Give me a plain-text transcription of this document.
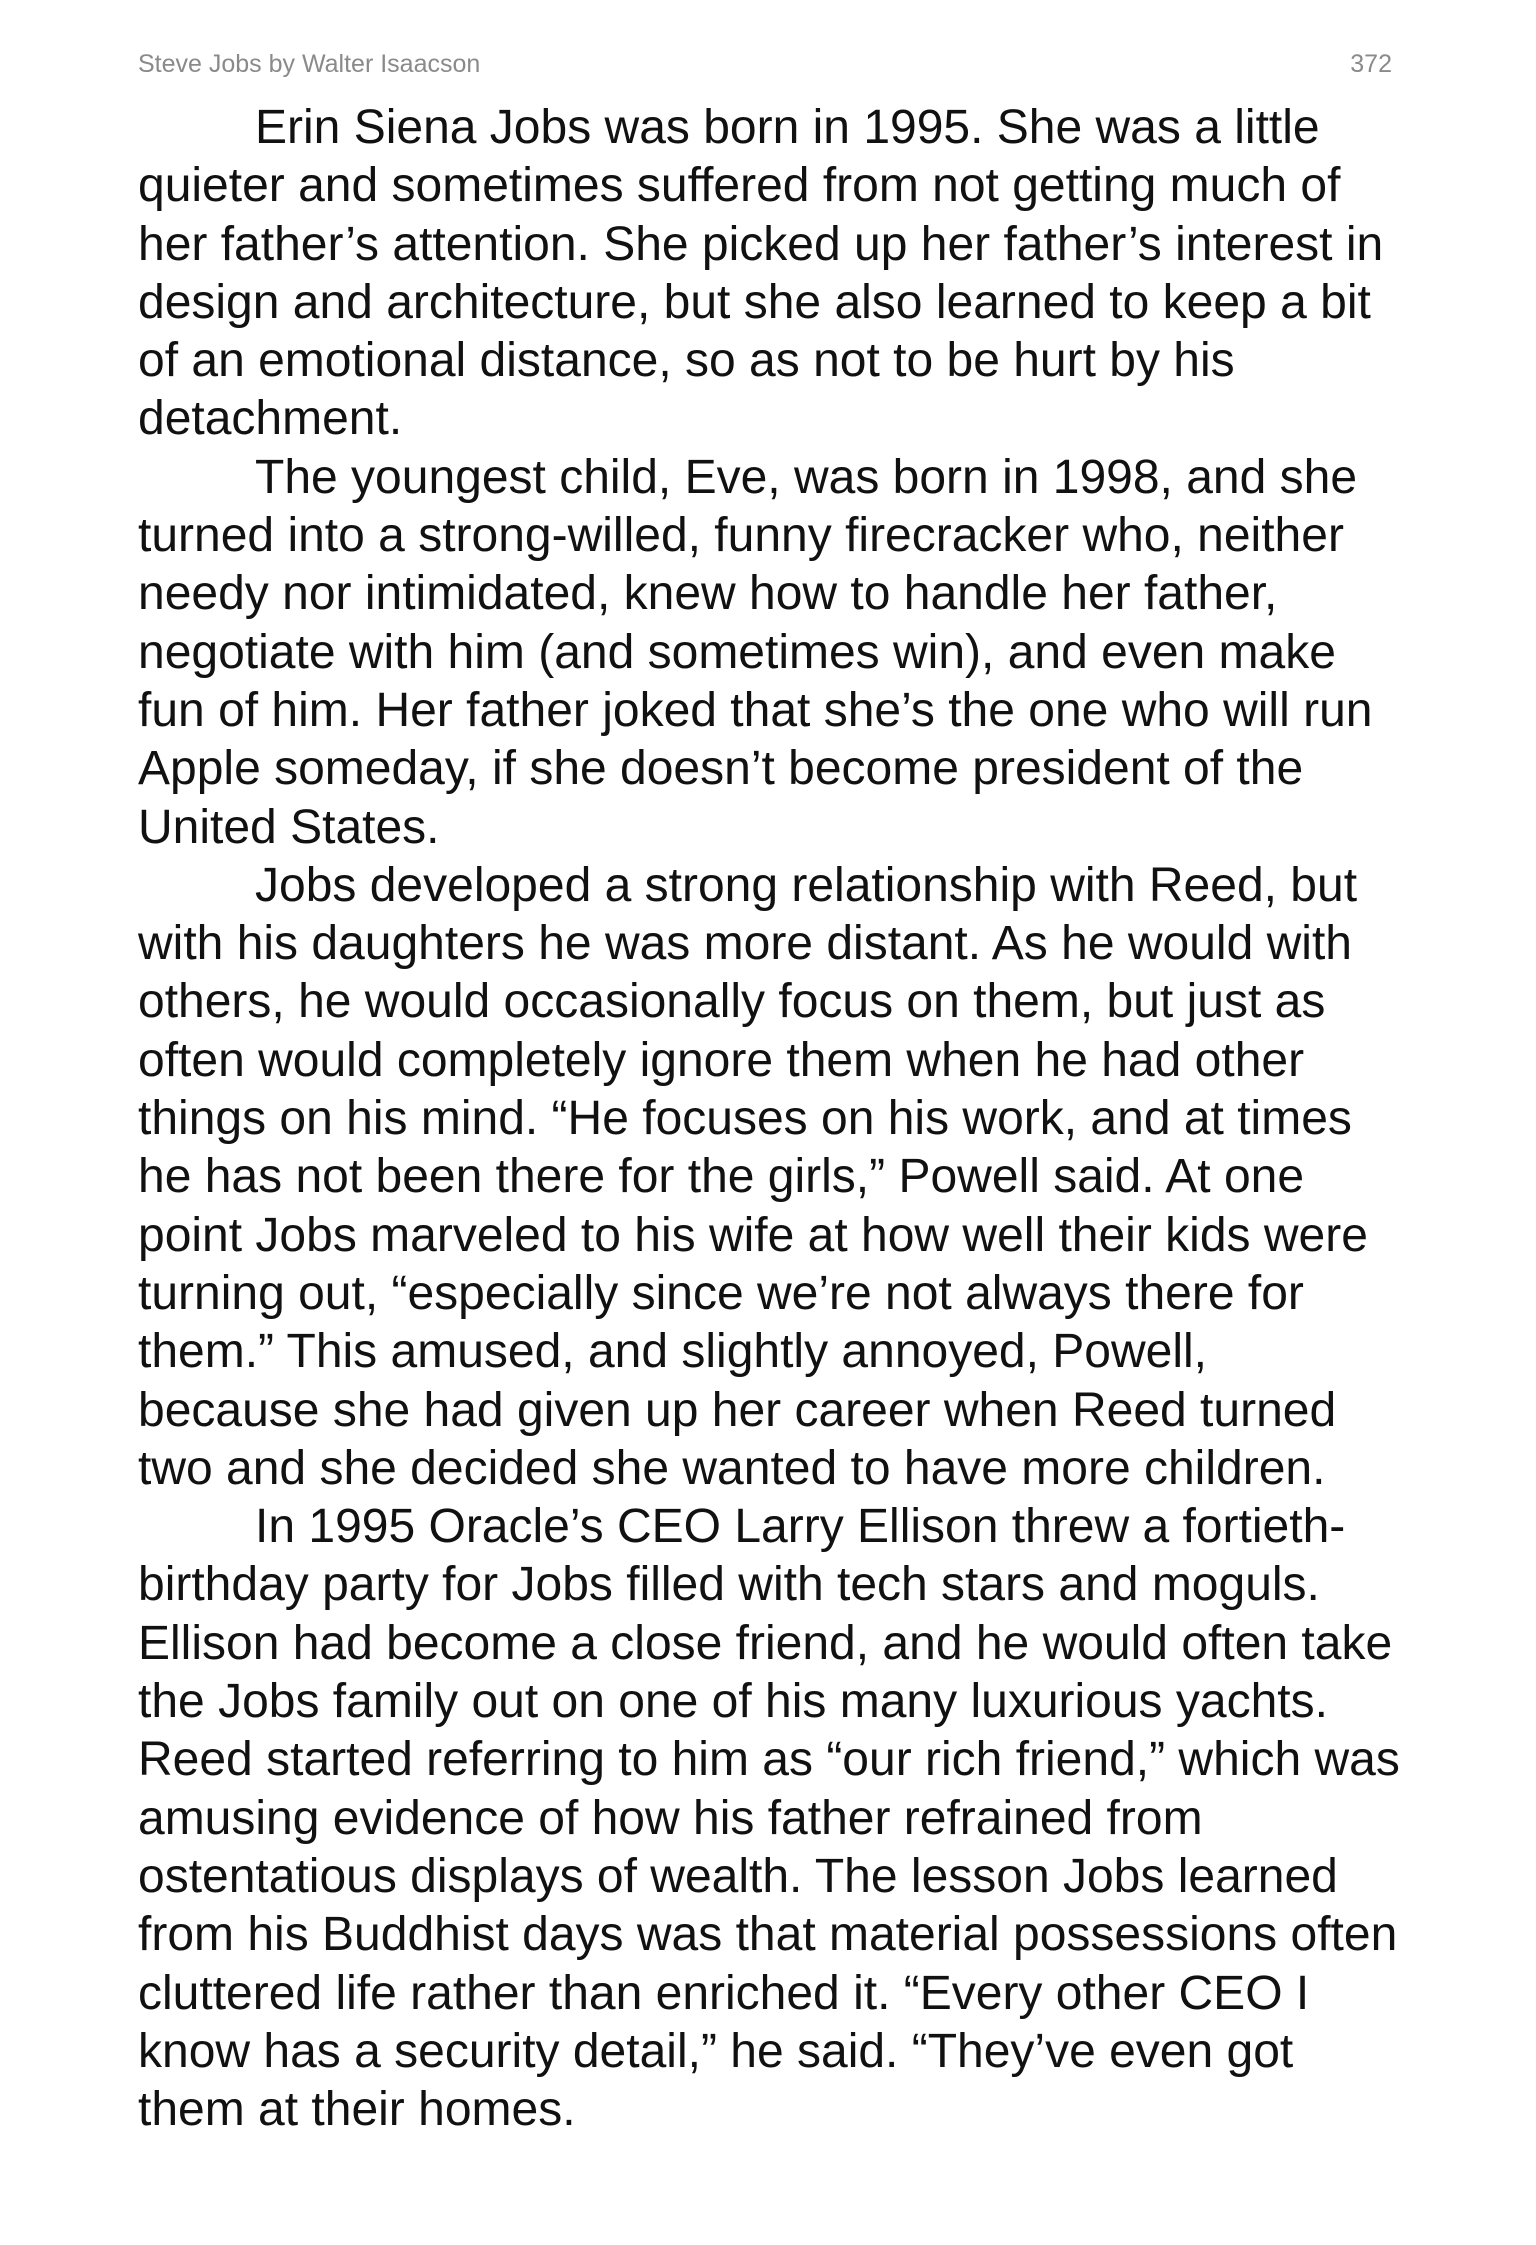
Steve Jobs by Walter Isaacson	372

Erin Siena Jobs was born in 1995. She was a little quieter and sometimes suffered from not getting much of her father’s attention. She picked up her father’s interest in design and architecture, but she also learned to keep a bit of an emotional distance, so as not to be hurt by his detachment.

The youngest child, Eve, was born in 1998, and she turned into a strong-willed, funny firecracker who, neither needy nor intimidated, knew how to handle her father, negotiate with him (and sometimes win), and even make fun of him. Her father joked that she’s the one who will run Apple someday, if she doesn’t become president of the United States.

Jobs developed a strong relationship with Reed, but with his daughters he was more distant. As he would with others, he would occasionally focus on them, but just as often would completely ignore them when he had other things on his mind. “He focuses on his work, and at times he has not been there for the girls,” Powell said. At one point Jobs marveled to his wife at how well their kids were turning out, “especially since we’re not always there for them.” This amused, and slightly annoyed, Powell, because she had given up her career when Reed turned two and she decided she wanted to have more children.

In 1995 Oracle’s CEO Larry Ellison threw a fortieth-birthday party for Jobs filled with tech stars and moguls. Ellison had become a close friend, and he would often take the Jobs family out on one of his many luxurious yachts. Reed started referring to him as “our rich friend,” which was amusing evidence of how his father refrained from ostentatious displays of wealth. The lesson Jobs learned from his Buddhist days was that material possessions often cluttered life rather than enriched it. “Every other CEO I know has a security detail,” he said. “They’ve even got them at their homes.
